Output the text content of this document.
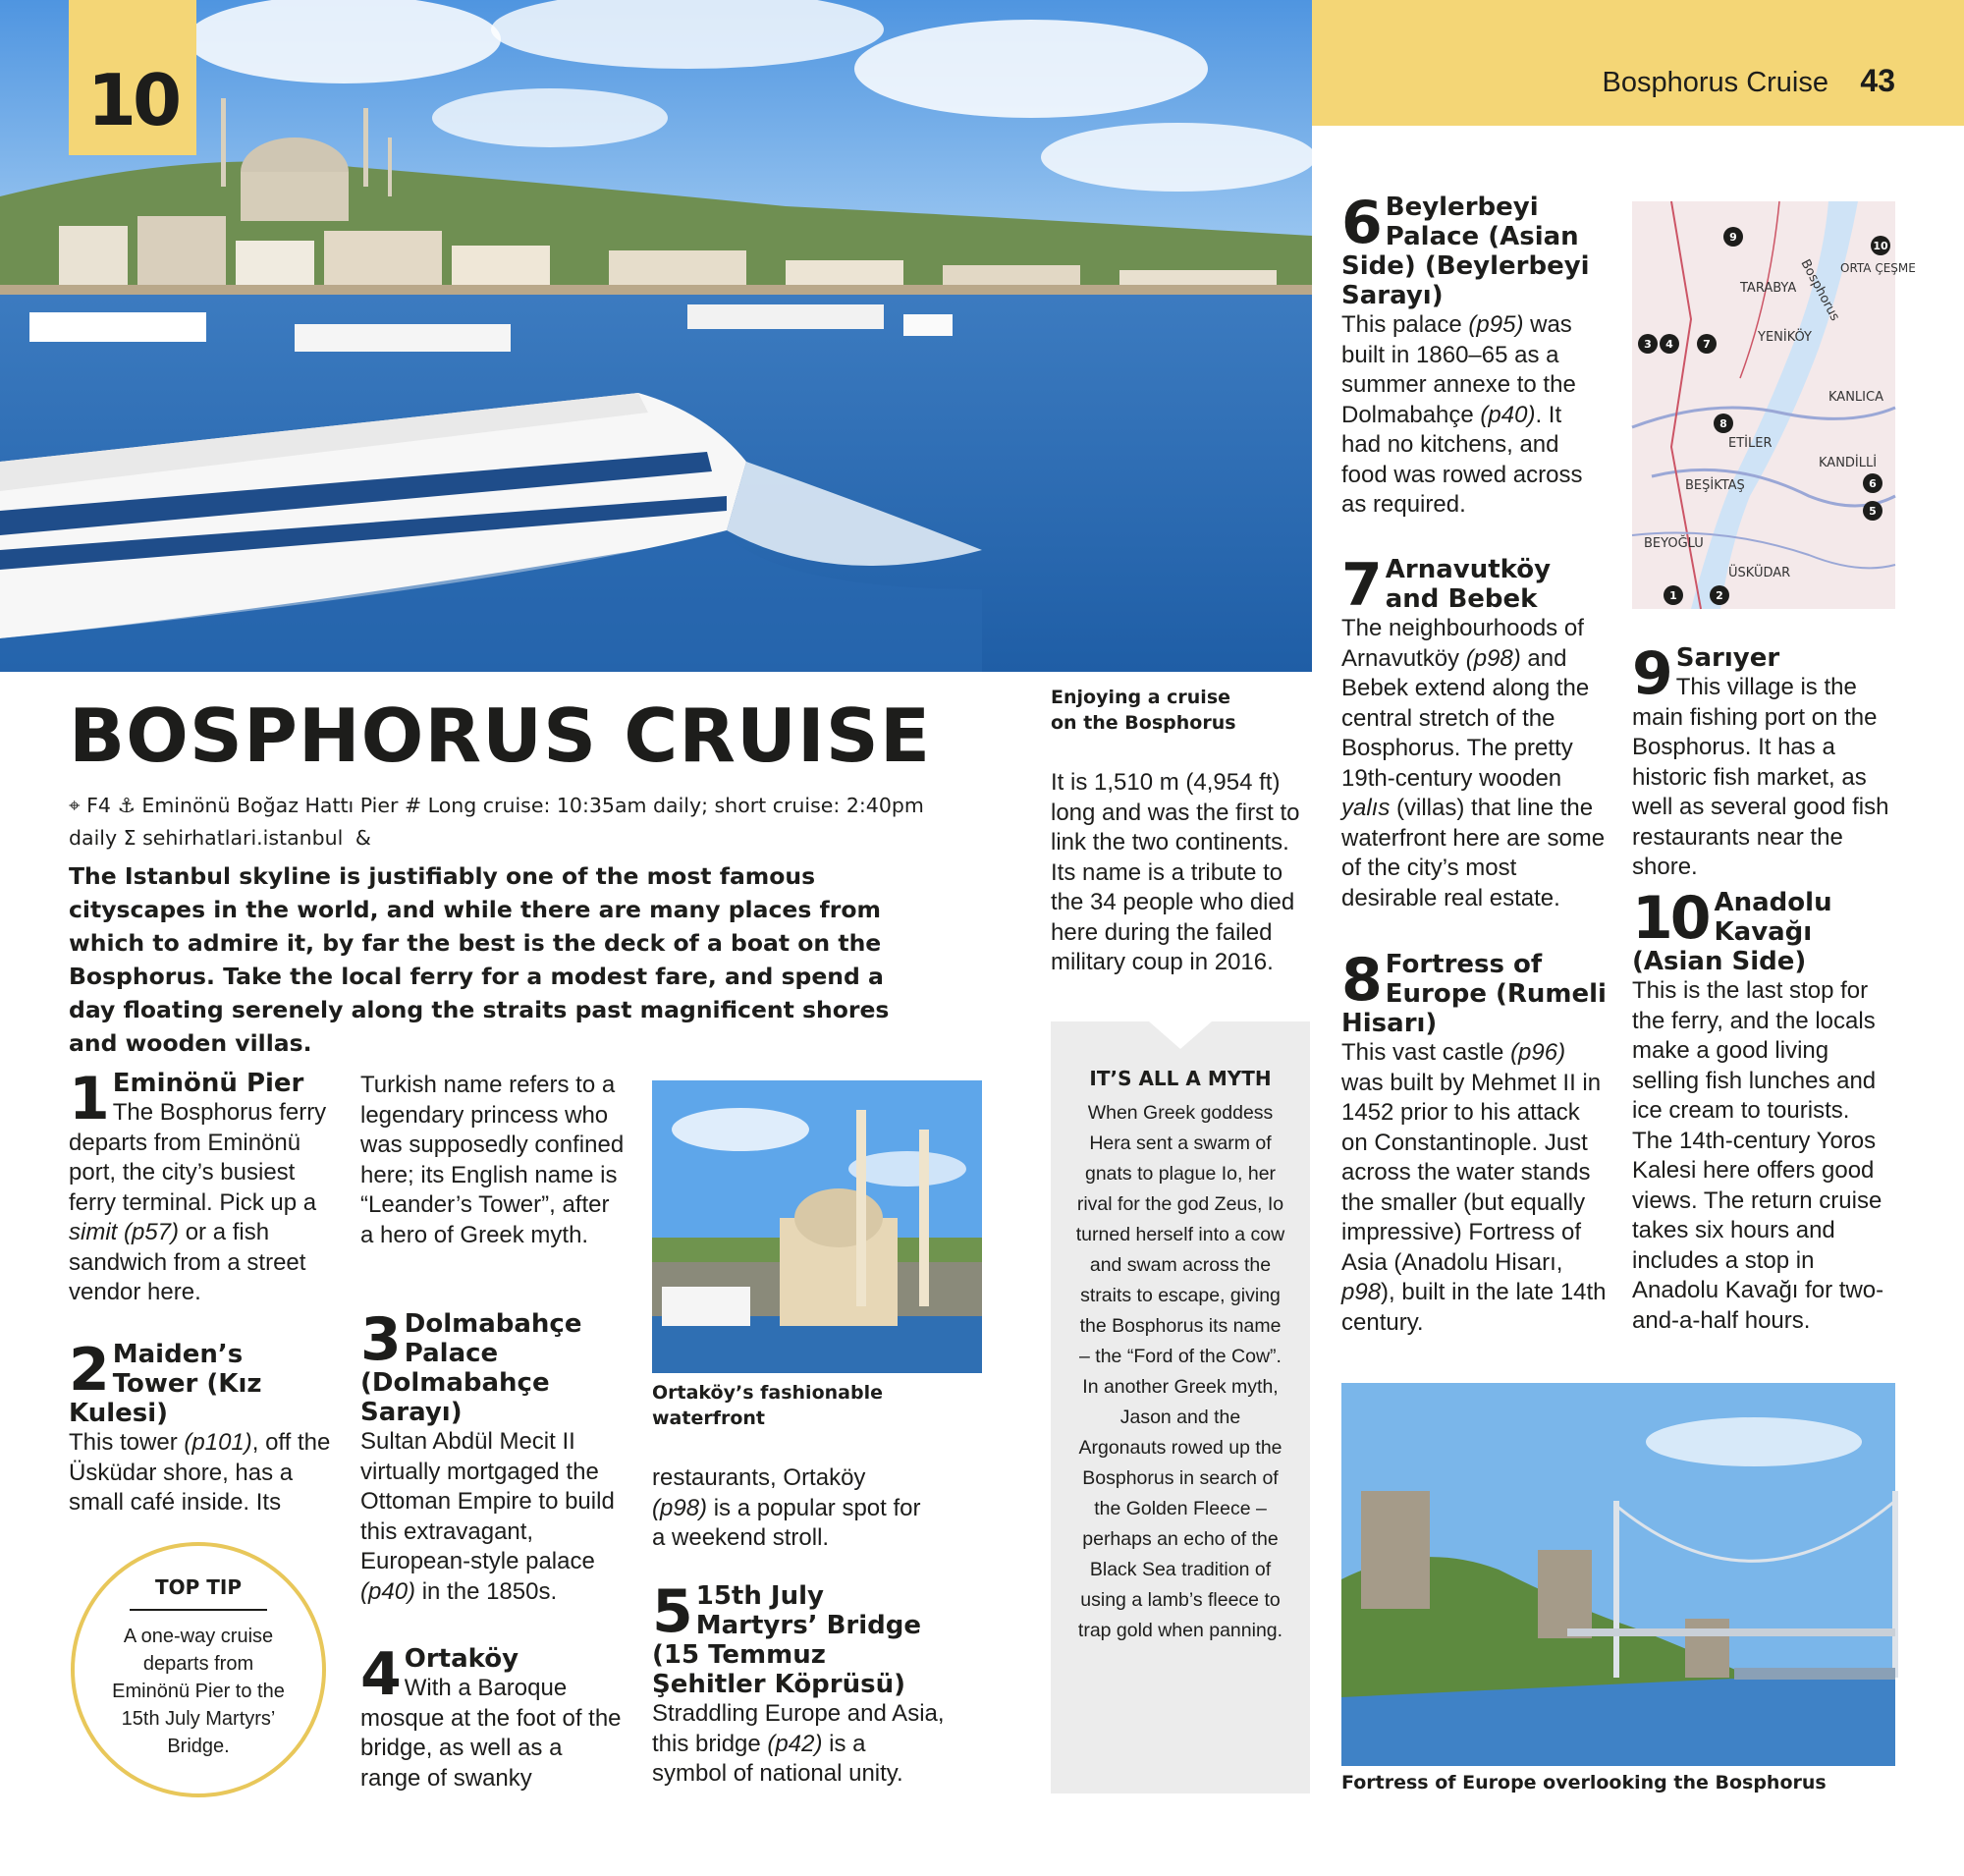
10	Bosphorus Cruise 43
BOSPHORUS CRUISE
⌖ F4 ⚓ Eminönü Boğaz Hattı Pier # Long cruise: 10:35am daily; short cruise: 2:40pm daily Σ sehirhatlari.istanbul &
The Istanbul skyline is justifiably one of the most famous cityscapes in the world, and while there are many places from which to admire it, by far the best is the deck of a boat on the Bosphorus. Take the local ferry for a modest fare, and spend a day floating serenely along the straits past magnificent shores and wooden villas.
Enjoying a cruise on the Bosphorus
1 Eminönü Pier
The Bosphorus ferry departs from Eminönü port, the city’s busiest ferry terminal. Pick up a simit (p57) or a fish sandwich from a street vendor here.
2 Maiden’s Tower (Kız Kulesi)
This tower (p101), off the Üsküdar shore, has a small café inside. Its
TOP TIP
A one-way cruise departs from Eminönü Pier to the 15th July Martyrs’ Bridge.
Turkish name refers to a legendary princess who was supposedly confined here; its English name is “Leander’s Tower”, after a hero of Greek myth.
3 Dolmabahçe Palace (Dolmabahçe Sarayı)
Sultan Abdül Mecit II virtually mortgaged the Ottoman Empire to build this extravagant, European-style palace (p40) in the 1850s.
4 Ortaköy
With a Baroque mosque at the foot of the bridge, as well as a range of swanky
Ortaköy’s fashionable waterfront
restaurants, Ortaköy (p98) is a popular spot for a weekend stroll.
5 15th July Martyrs’ Bridge (15 Temmuz Şehitler Köprüsü)
Straddling Europe and Asia, this bridge (p42) is a symbol of national unity.
It is 1,510 m (4,954 ft) long and was the first to link the two continents. Its name is a tribute to the 34 people who died here during the failed military coup in 2016.
IT’S ALL A MYTH
When Greek goddess Hera sent a swarm of gnats to plague Io, her rival for the god Zeus, Io turned herself into a cow and swam across the straits to escape, giving the Bosphorus its name – the “Ford of the Cow”. In another Greek myth, Jason and the Argonauts rowed up the Bosphorus in search of the Golden Fleece – perhaps an echo of the Black Sea tradition of using a lamb’s fleece to trap gold when panning.
6 Beylerbeyi Palace (Asian Side) (Beylerbeyi Sarayı)
This palace (p95) was built in 1860–65 as a summer annexe to the Dolmabahçe (p40). It had no kitchens, and food was rowed across as required.
7 Arnavutköy and Bebek
The neighbourhoods of Arnavutköy (p98) and Bebek extend along the central stretch of the Bosphorus. The pretty 19th-century wooden yalıs (villas) that line the waterfront here are some of the city’s most desirable real estate.
8 Fortress of Europe (Rumeli Hisarı)
This vast castle (p96) was built by Mehmet II in 1452 prior to his attack on Constantinople. Just across the water stands the smaller (but equally impressive) Fortress of Asia (Anadolu Hisarı, p98), built in the late 14th century.
TARABYA
ORTA ÇEŞME
Bosphorus
YENİKÖY
KANLICA
ETİLER
KANDİLLİ
BEŞİKTAŞ
BEYOĞLU
ÜSKÜDAR
9
10
3 4	7
8
6
5
1	2
9 Sarıyer
This village is the main fishing port on the Bosphorus. It has a historic fish market, as well as several good fish restaurants near the shore.
10 Anadolu Kavağı (Asian Side)
This is the last stop for the ferry, and the locals make a good living selling fish lunches and ice cream to tourists. The 14th-century Yoros Kalesi here offers good views. The return cruise takes six hours and includes a stop in Anadolu Kavağı for two-and-a-half hours.
Fortress of Europe overlooking the Bosphorus
